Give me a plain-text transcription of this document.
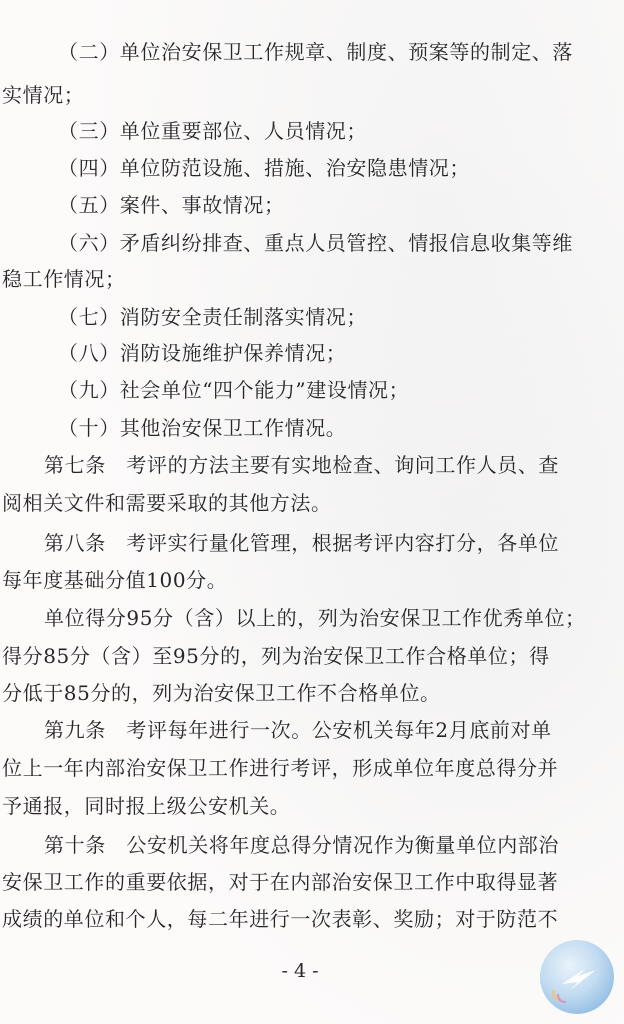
（二）单位治安保卫工作规章、制度、预案等的制定、落
实情况；
（三）单位重要部位、人员情况；
（四）单位防范设施、措施、治安隐患情况；
（五）案件、事故情况；
（六）矛盾纠纷排查、重点人员管控、情报信息收集等维
稳工作情况；
（七）消防安全责任制落实情况；
（八）消防设施维护保养情况；
（九）社会单位“四个能力”建设情况；
（十）其他治安保卫工作情况。
第七条　考评的方法主要有实地检查、询问工作人员、查
阅相关文件和需要采取的其他方法。
第八条　考评实行量化管理，根据考评内容打分，各单位
每年度基础分值100分。
单位得分95分（含）以上的，列为治安保卫工作优秀单位；
得分85分（含）至95分的，列为治安保卫工作合格单位；得
分低于85分的，列为治安保卫工作不合格单位。
第九条　考评每年进行一次。公安机关每年2月底前对单
位上一年内部治安保卫工作进行考评，形成单位年度总得分并
予通报，同时报上级公安机关。
第十条　公安机关将年度总得分情况作为衡量单位内部治
安保卫工作的重要依据，对于在内部治安保卫工作中取得显著
成绩的单位和个人，每二年进行一次表彰、奖励；对于防范不
- 4 -
